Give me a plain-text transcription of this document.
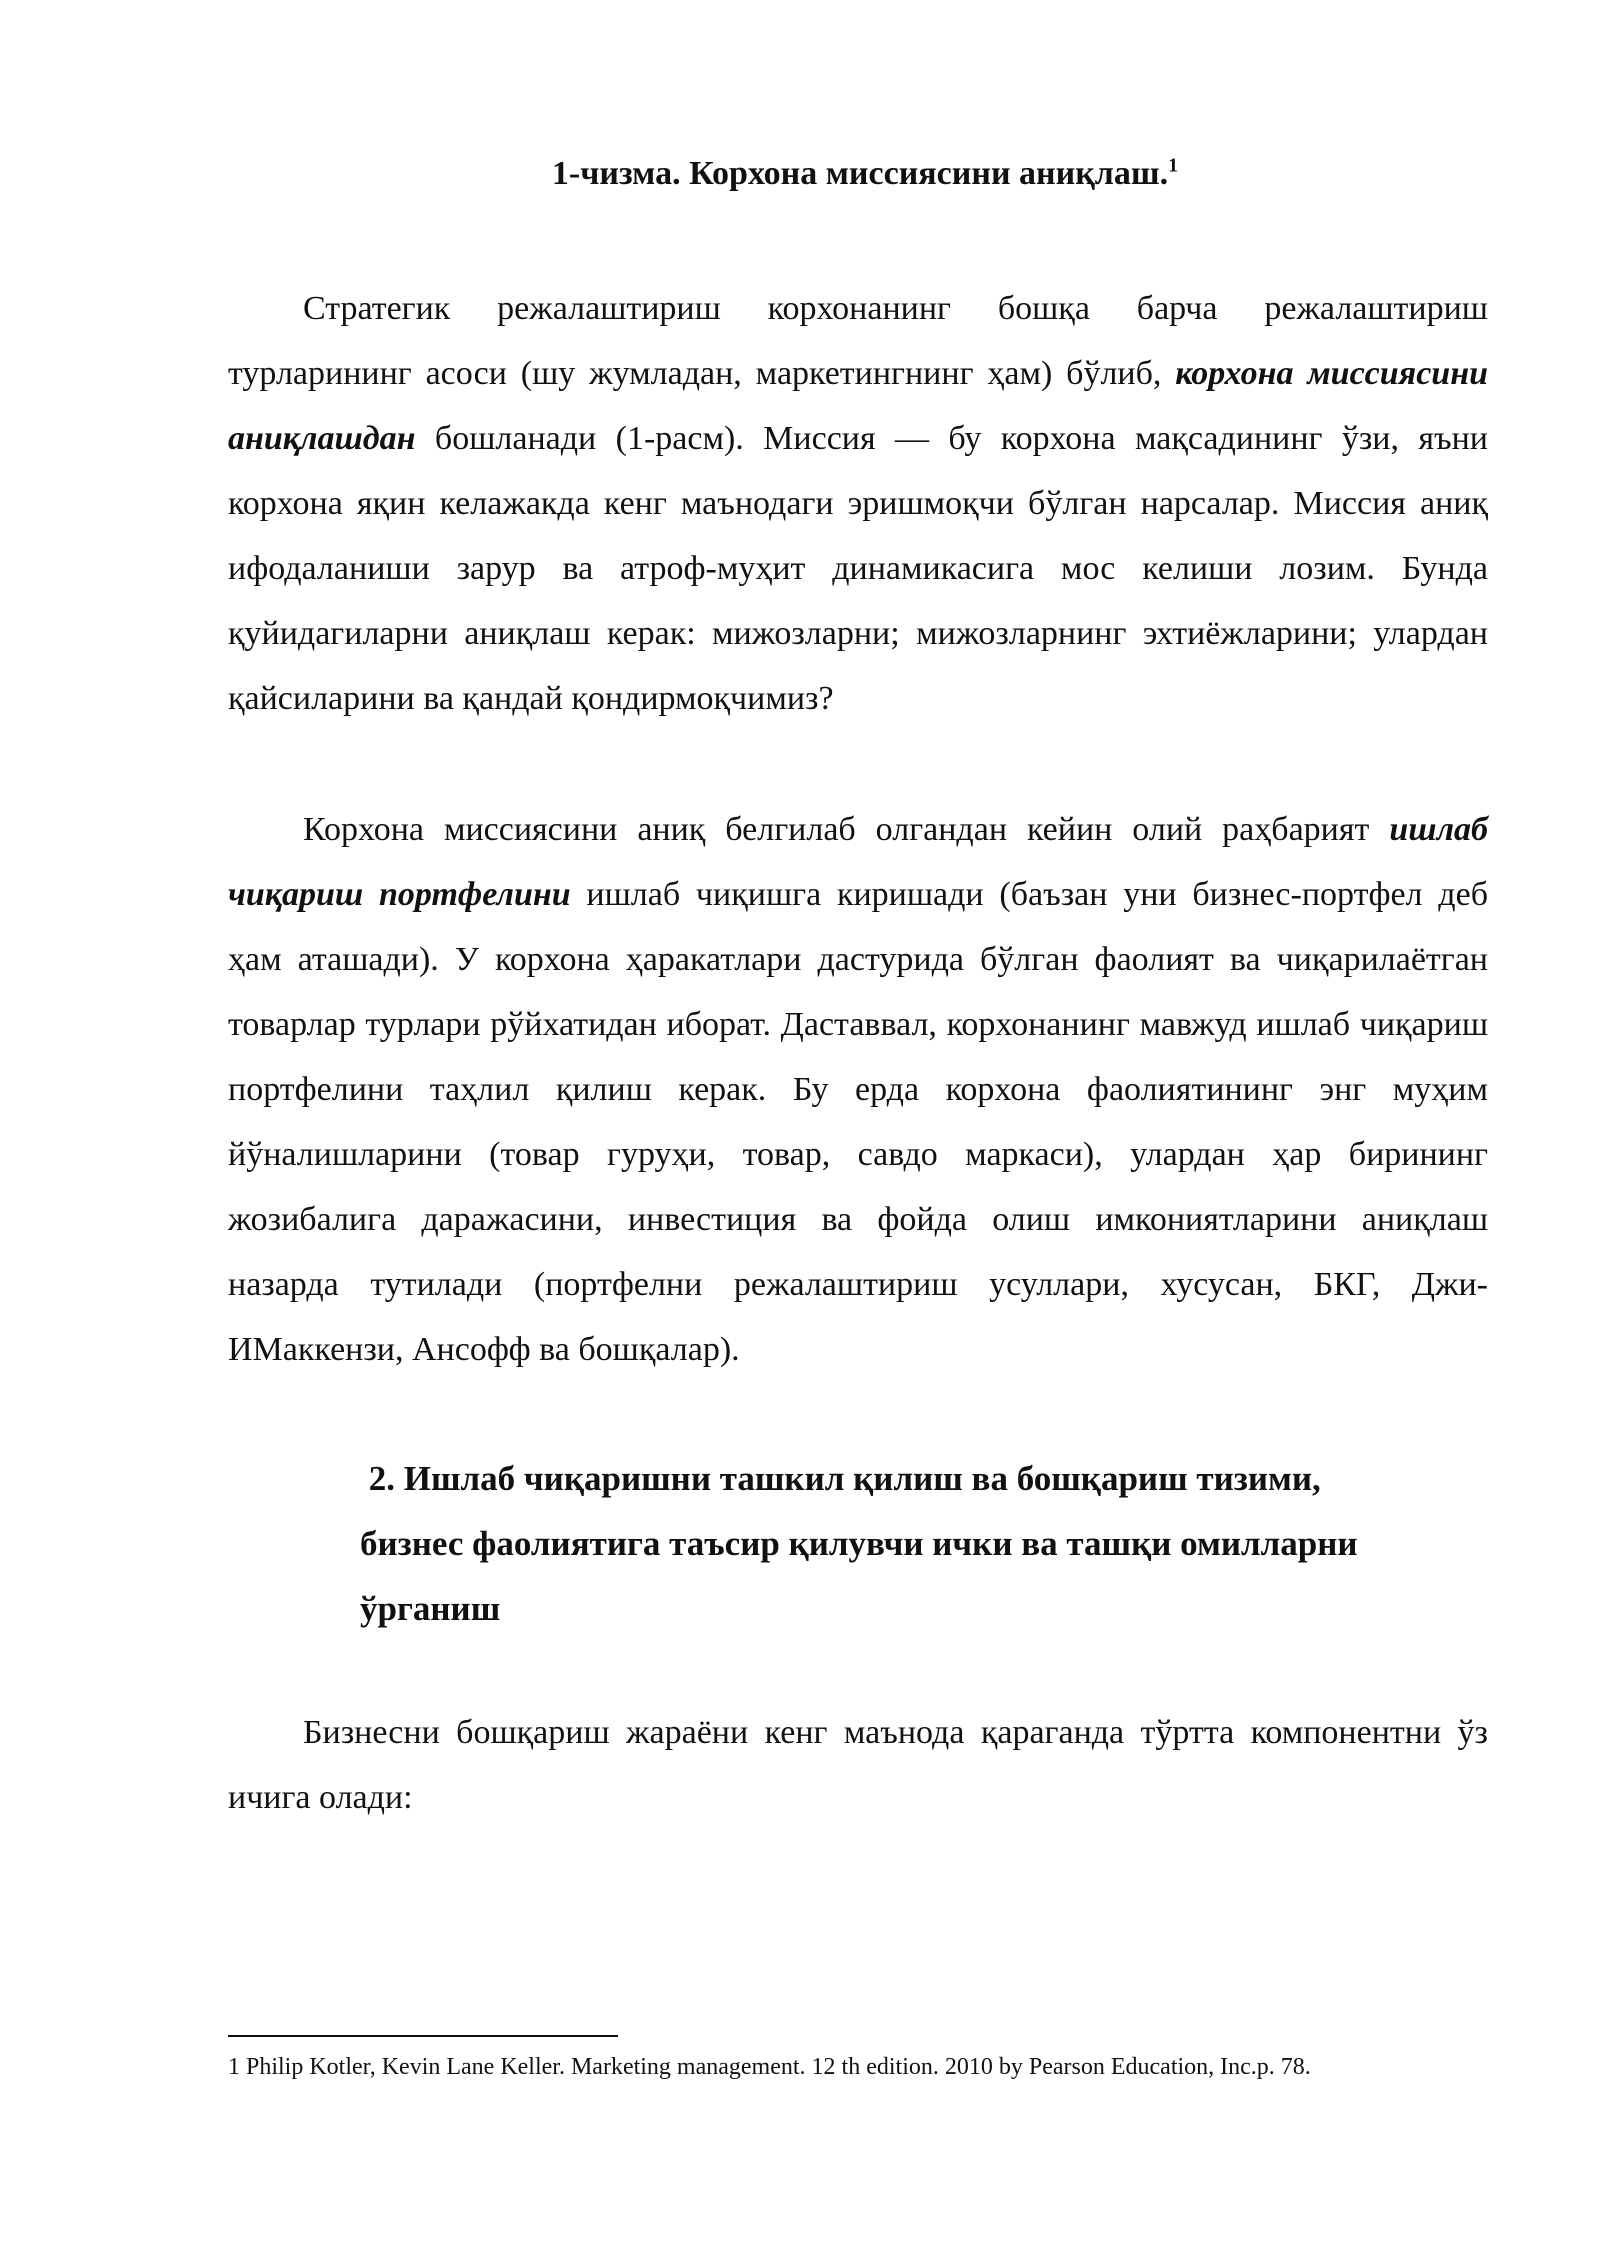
1-чизма. Корхона миссиясини аниқлаш.$^1$

Стратегик режалаштириш корхонанинг бошқа барча режалаштириш турларининг асоси (шу жумладан, маркетингнинг ҳам) бўлиб, корхона миссиясини аниқлашдан бошланади (1-расм). Миссия — бу корхона мақсадининг ўзи, яъни корхона яқин келажакда кенг маънодаги эришмоқчи бўлган нарсалар. Миссия аниқ ифодаланиши зарур ва атроф-муҳит динамикасига мос келиши лозим. Бунда қуйидагиларни аниқлаш керак: мижозларни; мижозларнинг эхтиёжларини; улардан қайсиларини ва қандай қондирмоқчимиз?

Корхона миссиясини аниқ белгилаб олгандан кейин олий раҳбарият ишлаб чиқариш портфелини ишлаб чиқишга киришади (баъзан уни бизнес-портфел деб ҳам аташади). У корхона ҳаракатлари дастурида бўлган фаолият ва чиқарилаётган товарлар турлари рўйхатидан иборат. Даставвал, корхонанинг мавжуд ишлаб чиқариш портфелини таҳлил қилиш керак. Бу ерда корхона фаолиятининг энг муҳим йўналишларини (товар гуруҳи, товар, савдо маркаси), улардан ҳар бирининг жозибалига даражасини, инвестиция ва фойда олиш имкониятларини аниқлаш назарда тутилади (портфелни режалаштириш усуллари, хусусан, БКГ, Джи-ИМаккензи, Ансофф ва бошқалар).

2. Ишлаб чиқаришни ташкил қилиш ва бошқариш тизими,
бизнес фаолиятига таъсир қилувчи ички ва ташқи омилларни
ўрганиш

Бизнесни бошқариш жараёни кенг маънода қараганда тўртта компонентни ўз ичига олади:

1 Philip Kotler, Kevin Lane Keller. Marketing management. 12 th edition. 2010 by Pearson Education, Inc.p. 78.
